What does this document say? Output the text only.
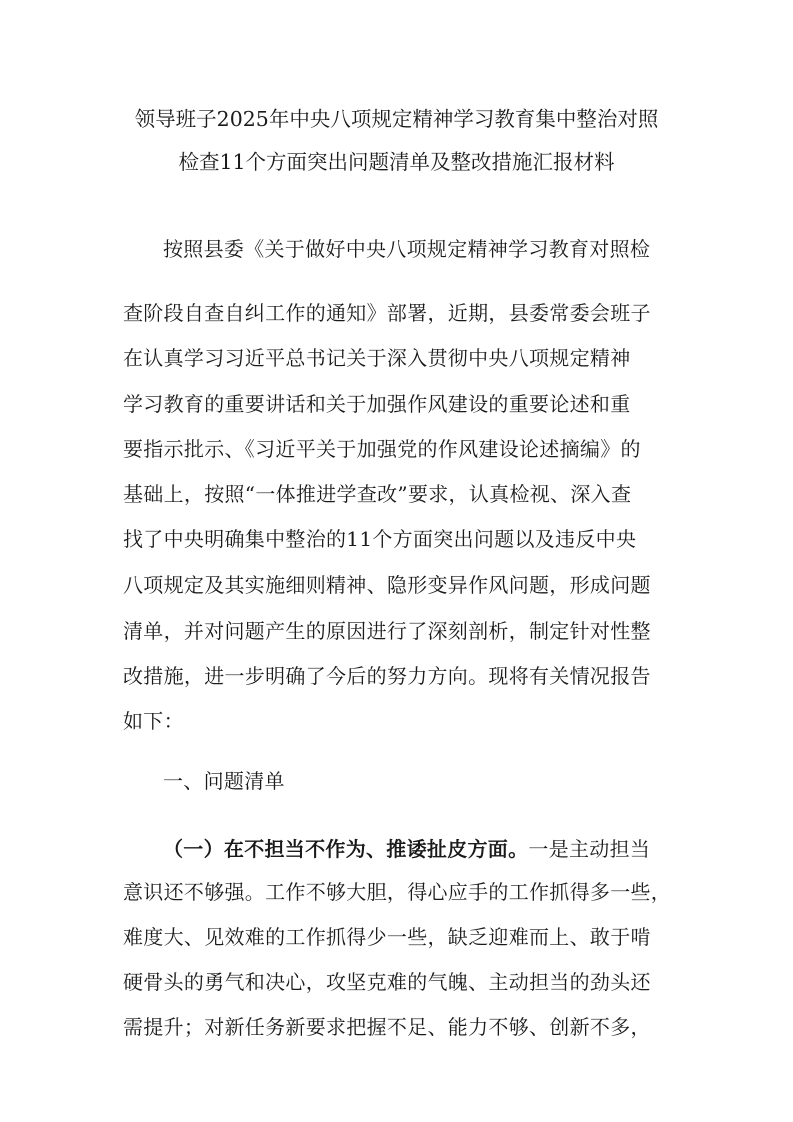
领导班子2025年中央八项规定精神学习教育集中整治对照
检查11个方面突出问题清单及整改措施汇报材料
按照县委《关于做好中央八项规定精神学习教育对照检
查阶段自查自纠工作的通知》部署，近期，县委常委会班子
在认真学习习近平总书记关于深入贯彻中央八项规定精神
学习教育的重要讲话和关于加强作风建设的重要论述和重
要指示批示、《习近平关于加强党的作风建设论述摘编》的
基础上，按照“一体推进学查改”要求，认真检视、深入查
找了中央明确集中整治的11个方面突出问题以及违反中央
八项规定及其实施细则精神、隐形变异作风问题，形成问题
清单，并对问题产生的原因进行了深刻剖析，制定针对性整
改措施，进一步明确了今后的努力方向。现将有关情况报告
如下：
一、问题清单
（一）在不担当不作为、推诿扯皮方面。一是主动担当
意识还不够强。工作不够大胆，得心应手的工作抓得多一些，
难度大、见效难的工作抓得少一些，缺乏迎难而上、敢于啃
硬骨头的勇气和决心，攻坚克难的气魄、主动担当的劲头还
需提升；对新任务新要求把握不足、能力不够、创新不多，
